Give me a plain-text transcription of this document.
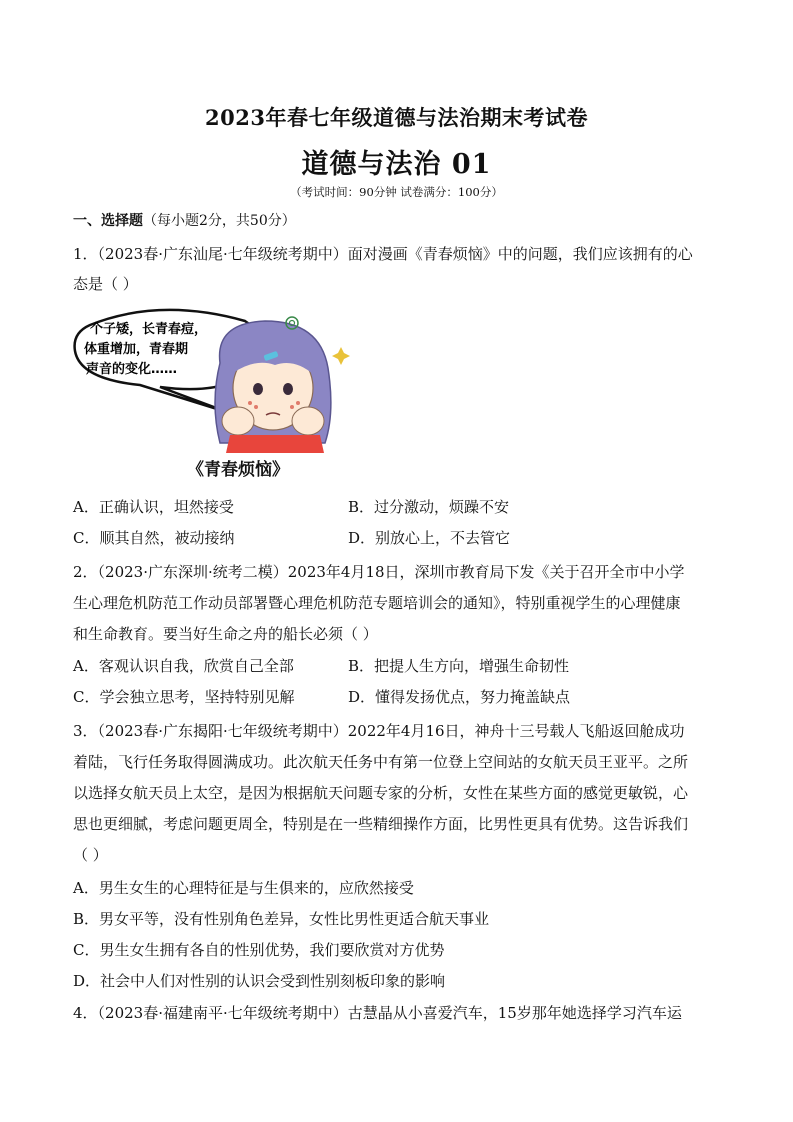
2023年春七年级道德与法治期末考试卷
道德与法治 01
（考试时间：90分钟 试卷满分：100分）
一、选择题（每小题2分，共50分）
1．（2023春·广东汕尾·七年级统考期中）面对漫画《青春烦恼》中的问题，我们应该拥有的心
态是（ ）
个子矮，长青春痘，
体重增加，青春期
声音的变化……
《青春烦恼》
A．正确认识，坦然接受	B．过分激动，烦躁不安
C．顺其自然，被动接纳	D．别放心上，不去管它
2．（2023·广东深圳·统考二模）2023年4月18日，深圳市教育局下发《关于召开全市中小学
生心理危机防范工作动员部署暨心理危机防范专题培训会的通知》，特别重视学生的心理健康
和生命教育。要当好生命之舟的船长必须（ ）
A．客观认识自我，欣赏自己全部	B．把提人生方向，增强生命韧性
C．学会独立思考，坚持特别见解	D．懂得发扬优点，努力掩盖缺点
3．（2023春·广东揭阳·七年级统考期中）2022年4月16日，神舟十三号载人飞船返回舱成功
着陆，飞行任务取得圆满成功。此次航天任务中有第一位登上空间站的女航天员王亚平。之所
以选择女航天员上太空，是因为根据航天问题专家的分析，女性在某些方面的感觉更敏锐，心
思也更细腻，考虑问题更周全，特别是在一些精细操作方面，比男性更具有优势。这告诉我们
（ ）
A．男生女生的心理特征是与生俱来的，应欣然接受
B．男女平等，没有性别角色差异，女性比男性更适合航天事业
C．男生女生拥有各自的性别优势，我们要欣赏对方优势
D．社会中人们对性别的认识会受到性别刻板印象的影响
4．（2023春·福建南平·七年级统考期中）古慧晶从小喜爱汽车，15岁那年她选择学习汽车运
